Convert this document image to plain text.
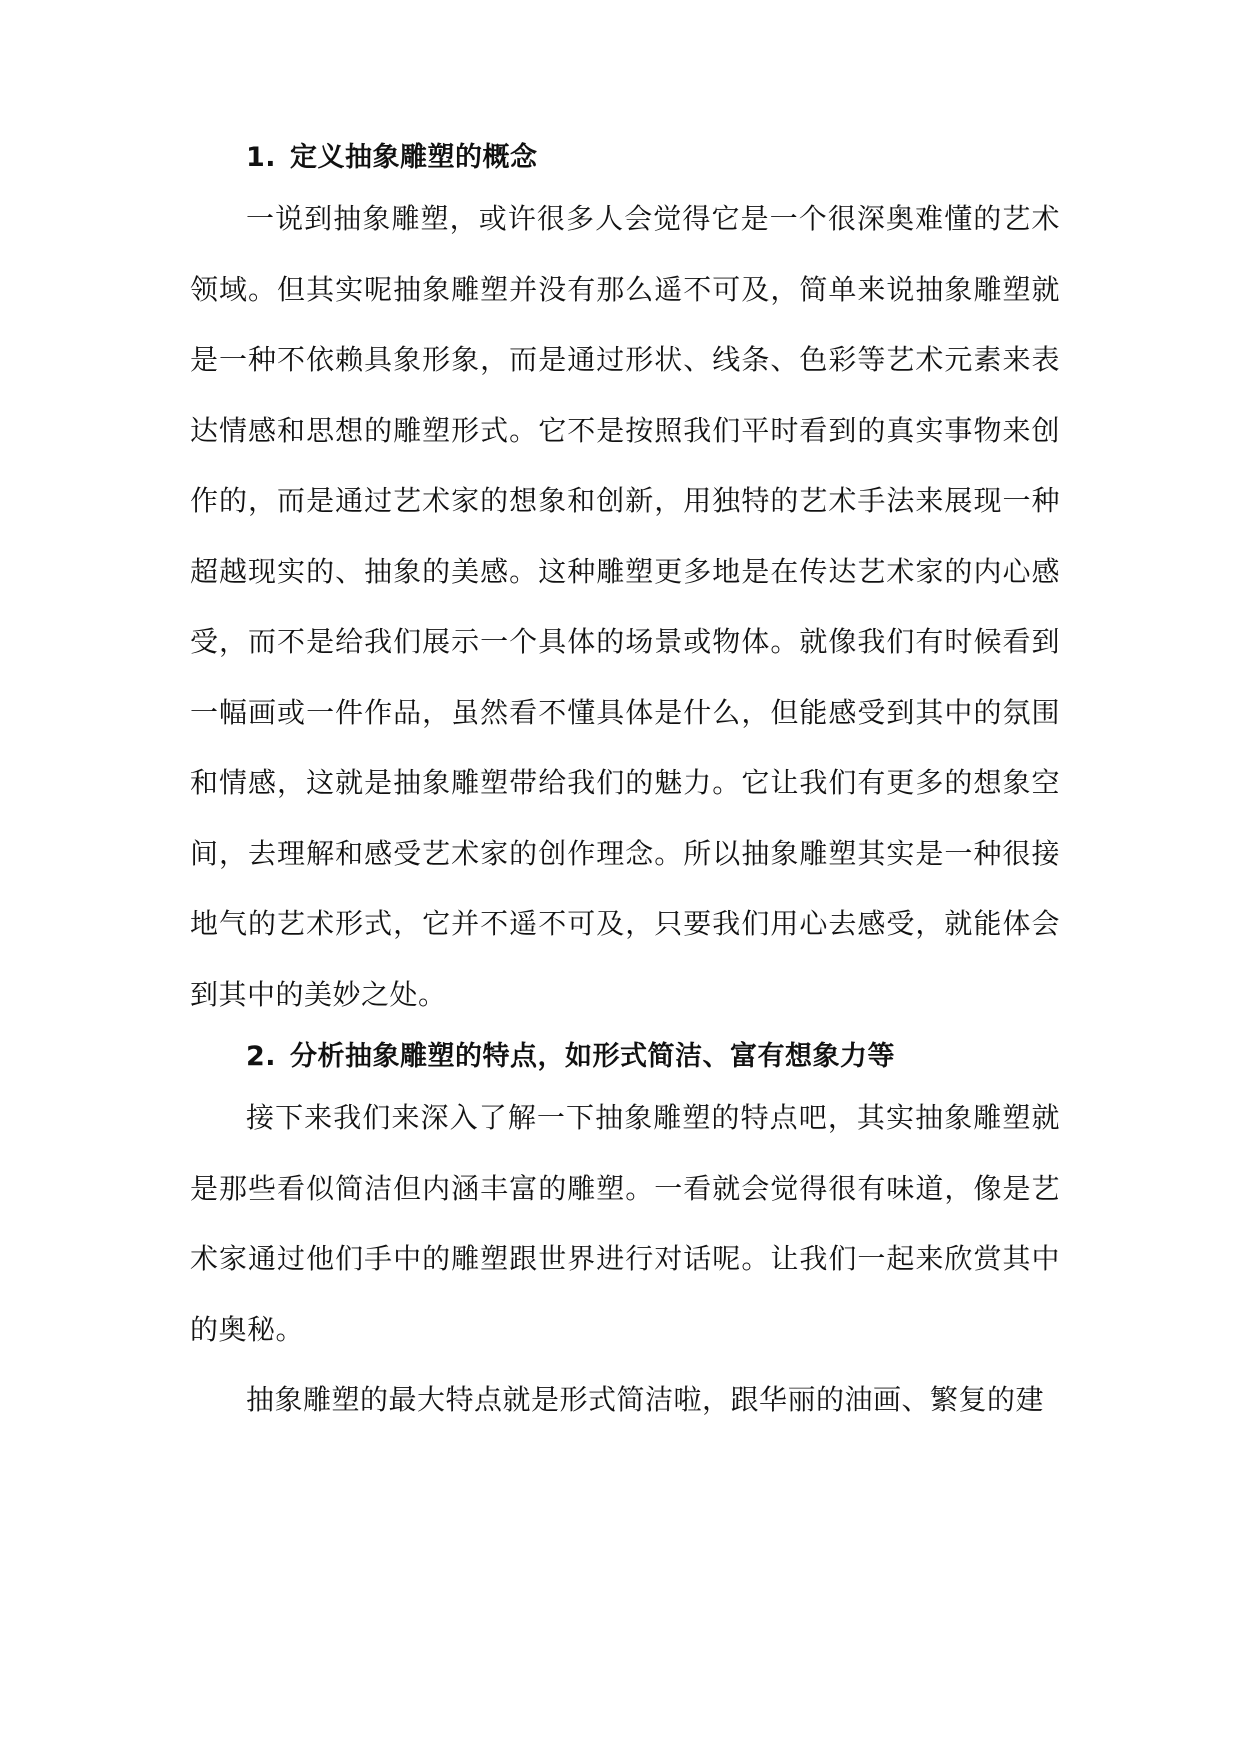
1. 定义抽象雕塑的概念

一说到抽象雕塑，或许很多人会觉得它是一个很深奥难懂的艺术领域。但其实呢抽象雕塑并没有那么遥不可及，简单来说抽象雕塑就是一种不依赖具象形象，而是通过形状、线条、色彩等艺术元素来表达情感和思想的雕塑形式。它不是按照我们平时看到的真实事物来创作的，而是通过艺术家的想象和创新，用独特的艺术手法来展现一种超越现实的、抽象的美感。这种雕塑更多地是在传达艺术家的内心感受，而不是给我们展示一个具体的场景或物体。就像我们有时候看到一幅画或一件作品，虽然看不懂具体是什么，但能感受到其中的氛围和情感，这就是抽象雕塑带给我们的魅力。它让我们有更多的想象空间，去理解和感受艺术家的创作理念。所以抽象雕塑其实是一种很接地气的艺术形式，它并不遥不可及，只要我们用心去感受，就能体会到其中的美妙之处。

2. 分析抽象雕塑的特点，如形式简洁、富有想象力等

接下来我们来深入了解一下抽象雕塑的特点吧，其实抽象雕塑就是那些看似简洁但内涵丰富的雕塑。一看就会觉得很有味道，像是艺术家通过他们手中的雕塑跟世界进行对话呢。让我们一起来欣赏其中的奥秘。

抽象雕塑的最大特点就是形式简洁啦，跟华丽的油画、繁复的建
